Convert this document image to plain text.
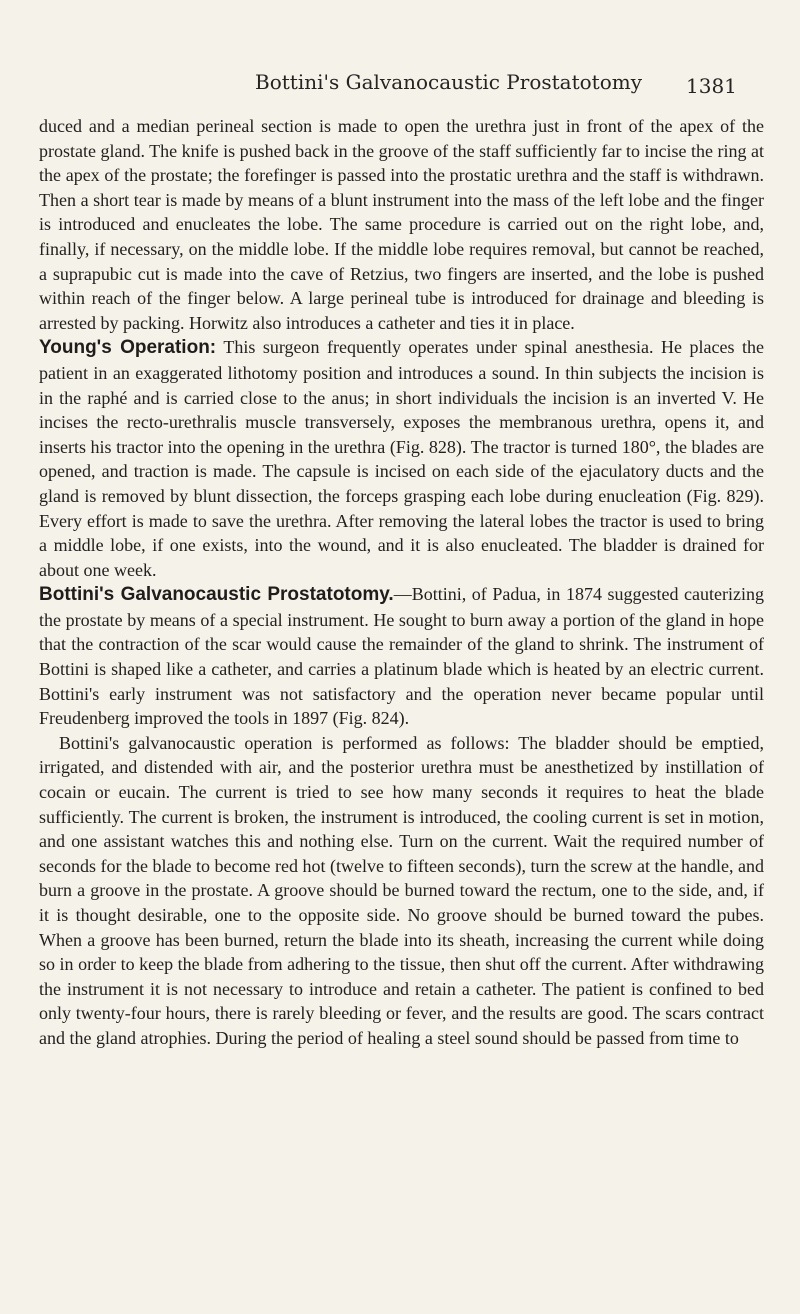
Bottini's Galvanocaustic Prostatotomy 1381

duced and a median perineal section is made to open the urethra just in front of the apex of the prostate gland. The knife is pushed back in the groove of the staff sufficiently far to incise the ring at the apex of the prostate; the forefinger is passed into the prostatic urethra and the staff is withdrawn. Then a short tear is made by means of a blunt instrument into the mass of the left lobe and the finger is introduced and enucleates the lobe. The same procedure is carried out on the right lobe, and, finally, if necessary, on the middle lobe. If the middle lobe requires removal, but cannot be reached, a suprapubic cut is made into the cave of Retzius, two fingers are inserted, and the lobe is pushed within reach of the finger below. A large perineal tube is introduced for drainage and bleeding is arrested by packing. Horwitz also introduces a catheter and ties it in place.

Young's Operation: This surgeon frequently operates under spinal anesthesia. He places the patient in an exaggerated lithotomy position and introduces a sound. In thin subjects the incision is in the raphé and is carried close to the anus; in short individuals the incision is an inverted V. He incises the recto-urethralis muscle transversely, exposes the membranous urethra, opens it, and inserts his tractor into the opening in the urethra (Fig. 828). The tractor is turned 180°, the blades are opened, and traction is made. The capsule is incised on each side of the ejaculatory ducts and the gland is removed by blunt dissection, the forceps grasping each lobe during enucleation (Fig. 829). Every effort is made to save the urethra. After removing the lateral lobes the tractor is used to bring a middle lobe, if one exists, into the wound, and it is also enucleated. The bladder is drained for about one week.

Bottini's Galvanocaustic Prostatotomy.—Bottini, of Padua, in 1874 suggested cauterizing the prostate by means of a special instrument. He sought to burn away a portion of the gland in hope that the contraction of the scar would cause the remainder of the gland to shrink. The instrument of Bottini is shaped like a catheter, and carries a platinum blade which is heated by an electric current. Bottini's early instrument was not satisfactory and the operation never became popular until Freudenberg improved the tools in 1897 (Fig. 824).

Bottini's galvanocaustic operation is performed as follows: The bladder should be emptied, irrigated, and distended with air, and the posterior urethra must be anesthetized by instillation of cocain or eucain. The current is tried to see how many seconds it requires to heat the blade sufficiently. The current is broken, the instrument is introduced, the cooling current is set in motion, and one assistant watches this and nothing else. Turn on the current. Wait the required number of seconds for the blade to become red hot (twelve to fifteen seconds), turn the screw at the handle, and burn a groove in the prostate. A groove should be burned toward the rectum, one to the side, and, if it is thought desirable, one to the opposite side. No groove should be burned toward the pubes. When a groove has been burned, return the blade into its sheath, increasing the current while doing so in order to keep the blade from adhering to the tissue, then shut off the current. After withdrawing the instrument it is not necessary to introduce and retain a catheter. The patient is confined to bed only twenty-four hours, there is rarely bleeding or fever, and the results are good. The scars contract and the gland atrophies. During the period of healing a steel sound should be passed from time to
